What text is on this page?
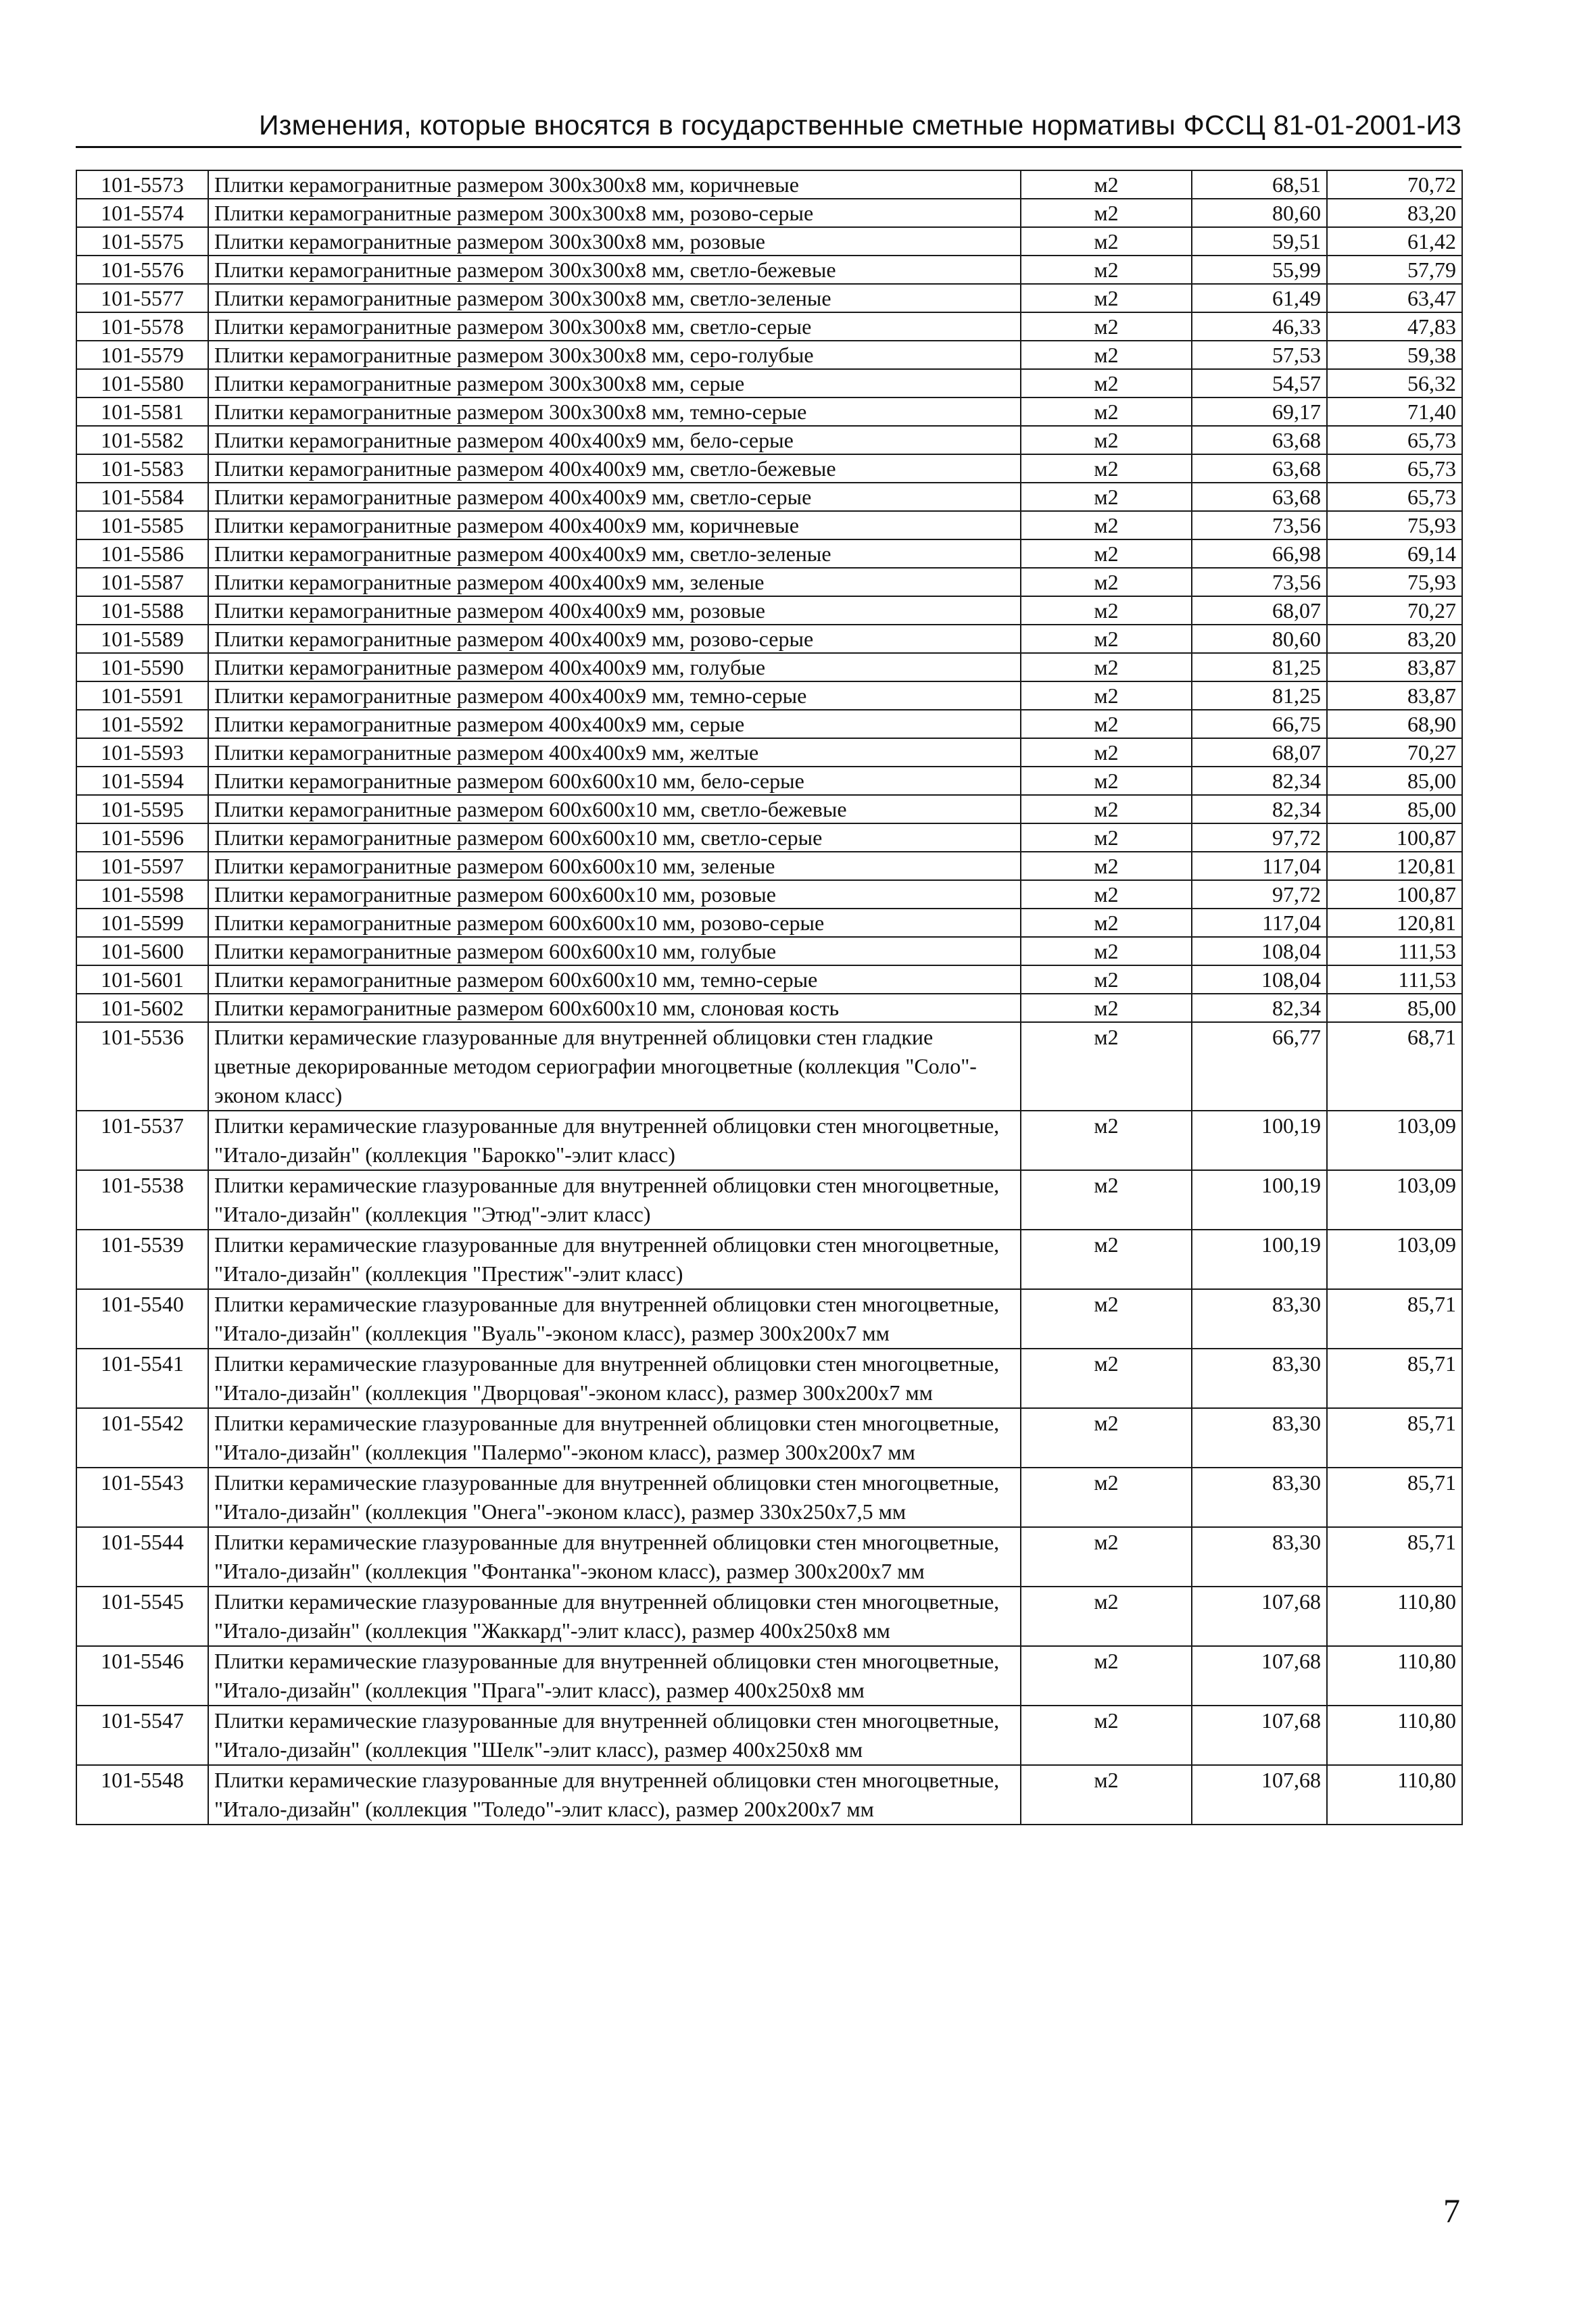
Изменения, которые вносятся в государственные сметные нормативы ФССЦ 81-01-2001-И3
101-5573	Плитки керамогранитные размером 300х300х8 мм, коричневые	м2	68,51	70,72
101-5574	Плитки керамогранитные размером 300х300х8 мм, розово-серые	м2	80,60	83,20
101-5575	Плитки керамогранитные размером 300х300х8 мм, розовые	м2	59,51	61,42
101-5576	Плитки керамогранитные размером 300х300х8 мм, светло-бежевые	м2	55,99	57,79
101-5577	Плитки керамогранитные размером 300х300х8 мм, светло-зеленые	м2	61,49	63,47
101-5578	Плитки керамогранитные размером 300х300х8 мм, светло-серые	м2	46,33	47,83
101-5579	Плитки керамогранитные размером 300х300х8 мм, серо-голубые	м2	57,53	59,38
101-5580	Плитки керамогранитные размером 300х300х8 мм, серые	м2	54,57	56,32
101-5581	Плитки керамогранитные размером 300х300х8 мм, темно-серые	м2	69,17	71,40
101-5582	Плитки керамогранитные размером 400х400х9 мм, бело-серые	м2	63,68	65,73
101-5583	Плитки керамогранитные размером 400х400х9 мм, светло-бежевые	м2	63,68	65,73
101-5584	Плитки керамогранитные размером 400х400х9 мм, светло-серые	м2	63,68	65,73
101-5585	Плитки керамогранитные размером 400х400х9 мм, коричневые	м2	73,56	75,93
101-5586	Плитки керамогранитные размером 400х400х9 мм, светло-зеленые	м2	66,98	69,14
101-5587	Плитки керамогранитные размером 400х400х9 мм, зеленые	м2	73,56	75,93
101-5588	Плитки керамогранитные размером 400х400х9 мм, розовые	м2	68,07	70,27
101-5589	Плитки керамогранитные размером 400х400х9 мм, розово-серые	м2	80,60	83,20
101-5590	Плитки керамогранитные размером 400х400х9 мм, голубые	м2	81,25	83,87
101-5591	Плитки керамогранитные размером 400х400х9 мм, темно-серые	м2	81,25	83,87
101-5592	Плитки керамогранитные размером 400х400х9 мм, серые	м2	66,75	68,90
101-5593	Плитки керамогранитные размером 400х400х9 мм, желтые	м2	68,07	70,27
101-5594	Плитки керамогранитные размером 600х600х10 мм, бело-серые	м2	82,34	85,00
101-5595	Плитки керамогранитные размером 600х600х10 мм, светло-бежевые	м2	82,34	85,00
101-5596	Плитки керамогранитные размером 600х600х10 мм, светло-серые	м2	97,72	100,87
101-5597	Плитки керамогранитные размером 600х600х10 мм, зеленые	м2	117,04	120,81
101-5598	Плитки керамогранитные размером 600х600х10 мм, розовые	м2	97,72	100,87
101-5599	Плитки керамогранитные размером 600х600х10 мм, розово-серые	м2	117,04	120,81
101-5600	Плитки керамогранитные размером 600х600х10 мм, голубые	м2	108,04	111,53
101-5601	Плитки керамогранитные размером 600х600х10 мм, темно-серые	м2	108,04	111,53
101-5602	Плитки керамогранитные размером 600х600х10 мм, слоновая кость	м2	82,34	85,00
101-5536	Плитки керамические глазурованные для внутренней облицовки стен гладкие цветные декорированные методом сериографии многоцветные (коллекция "Соло"-эконом класс)	м2	66,77	68,71
101-5537	Плитки керамические глазурованные для внутренней облицовки стен многоцветные, "Итало-дизайн" (коллекция "Барокко"-элит класс)	м2	100,19	103,09
101-5538	Плитки керамические глазурованные для внутренней облицовки стен многоцветные, "Итало-дизайн" (коллекция "Этюд"-элит класс)	м2	100,19	103,09
101-5539	Плитки керамические глазурованные для внутренней облицовки стен многоцветные, "Итало-дизайн" (коллекция "Престиж"-элит класс)	м2	100,19	103,09
101-5540	Плитки керамические глазурованные для внутренней облицовки стен многоцветные, "Итало-дизайн" (коллекция "Вуаль"-эконом класс), размер 300х200х7 мм	м2	83,30	85,71
101-5541	Плитки керамические глазурованные для внутренней облицовки стен многоцветные, "Итало-дизайн" (коллекция "Дворцовая"-эконом класс), размер 300х200х7 мм	м2	83,30	85,71
101-5542	Плитки керамические глазурованные для внутренней облицовки стен многоцветные, "Итало-дизайн" (коллекция "Палермо"-эконом класс), размер 300х200х7 мм	м2	83,30	85,71
101-5543	Плитки керамические глазурованные для внутренней облицовки стен многоцветные, "Итало-дизайн" (коллекция "Онега"-эконом класс), размер 330х250х7,5 мм	м2	83,30	85,71
101-5544	Плитки керамические глазурованные для внутренней облицовки стен многоцветные, "Итало-дизайн" (коллекция "Фонтанка"-эконом класс), размер 300х200х7 мм	м2	83,30	85,71
101-5545	Плитки керамические глазурованные для внутренней облицовки стен многоцветные, "Итало-дизайн" (коллекция "Жаккард"-элит класс), размер 400х250х8 мм	м2	107,68	110,80
101-5546	Плитки керамические глазурованные для внутренней облицовки стен многоцветные, "Итало-дизайн" (коллекция "Прага"-элит класс), размер 400х250х8 мм	м2	107,68	110,80
101-5547	Плитки керамические глазурованные для внутренней облицовки стен многоцветные, "Итало-дизайн" (коллекция "Шелк"-элит класс), размер 400х250х8 мм	м2	107,68	110,80
101-5548	Плитки керамические глазурованные для внутренней облицовки стен многоцветные, "Итало-дизайн" (коллекция "Толедо"-элит класс), размер 200х200х7 мм	м2	107,68	110,80
7
